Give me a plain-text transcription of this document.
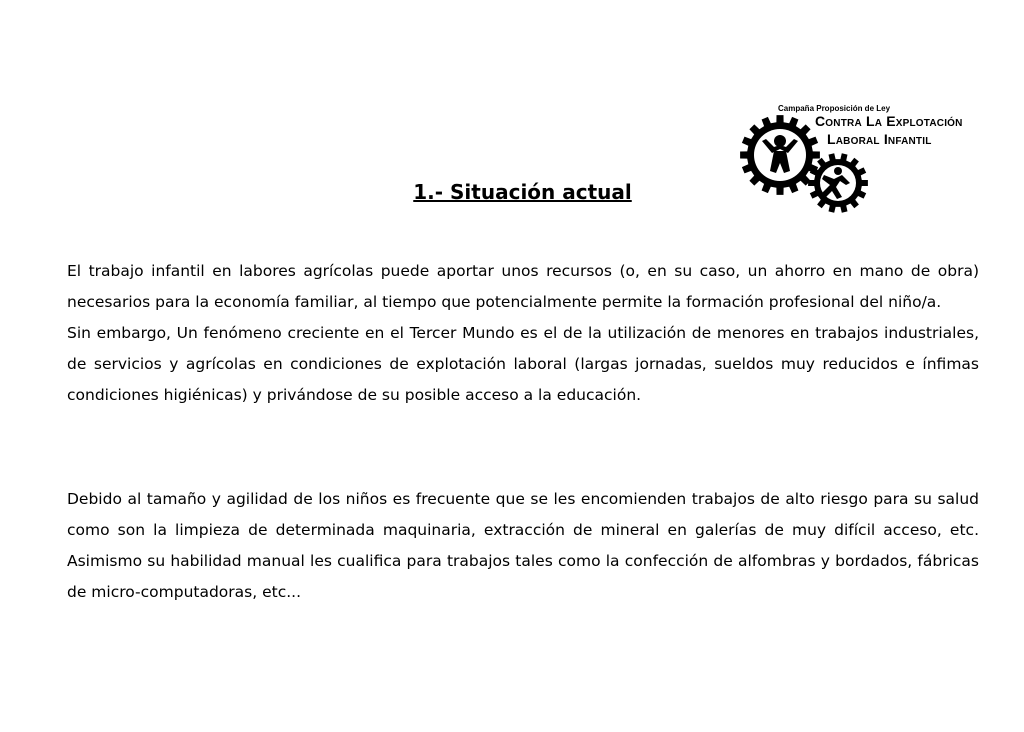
Campaña Proposición de Ley
Contra La Explotación
Laboral Infantil
1.- Situación actual

El trabajo infantil en labores agrícolas puede aportar unos recursos (o, en su caso, un ahorro en mano de obra) necesarios para la economía familiar, al tiempo que potencialmente permite la formación profesional del niño/a.

Sin embargo, Un fenómeno creciente en el Tercer Mundo es el de la utilización de menores en trabajos industriales, de servicios y agrícolas en condiciones de explotación laboral (largas jornadas, sueldos muy reducidos e ínfimas condiciones higiénicas) y privándose de su posible acceso a la educación.

Debido al tamaño y agilidad de los niños es frecuente que se les encomienden trabajos de alto riesgo para su salud como son la limpieza de determinada maquinaria, extracción de mineral en galerías de muy difícil acceso, etc. Asimismo su habilidad manual les cualifica para trabajos tales como la confección de alfombras y bordados, fábricas de micro-computadoras, etc...
